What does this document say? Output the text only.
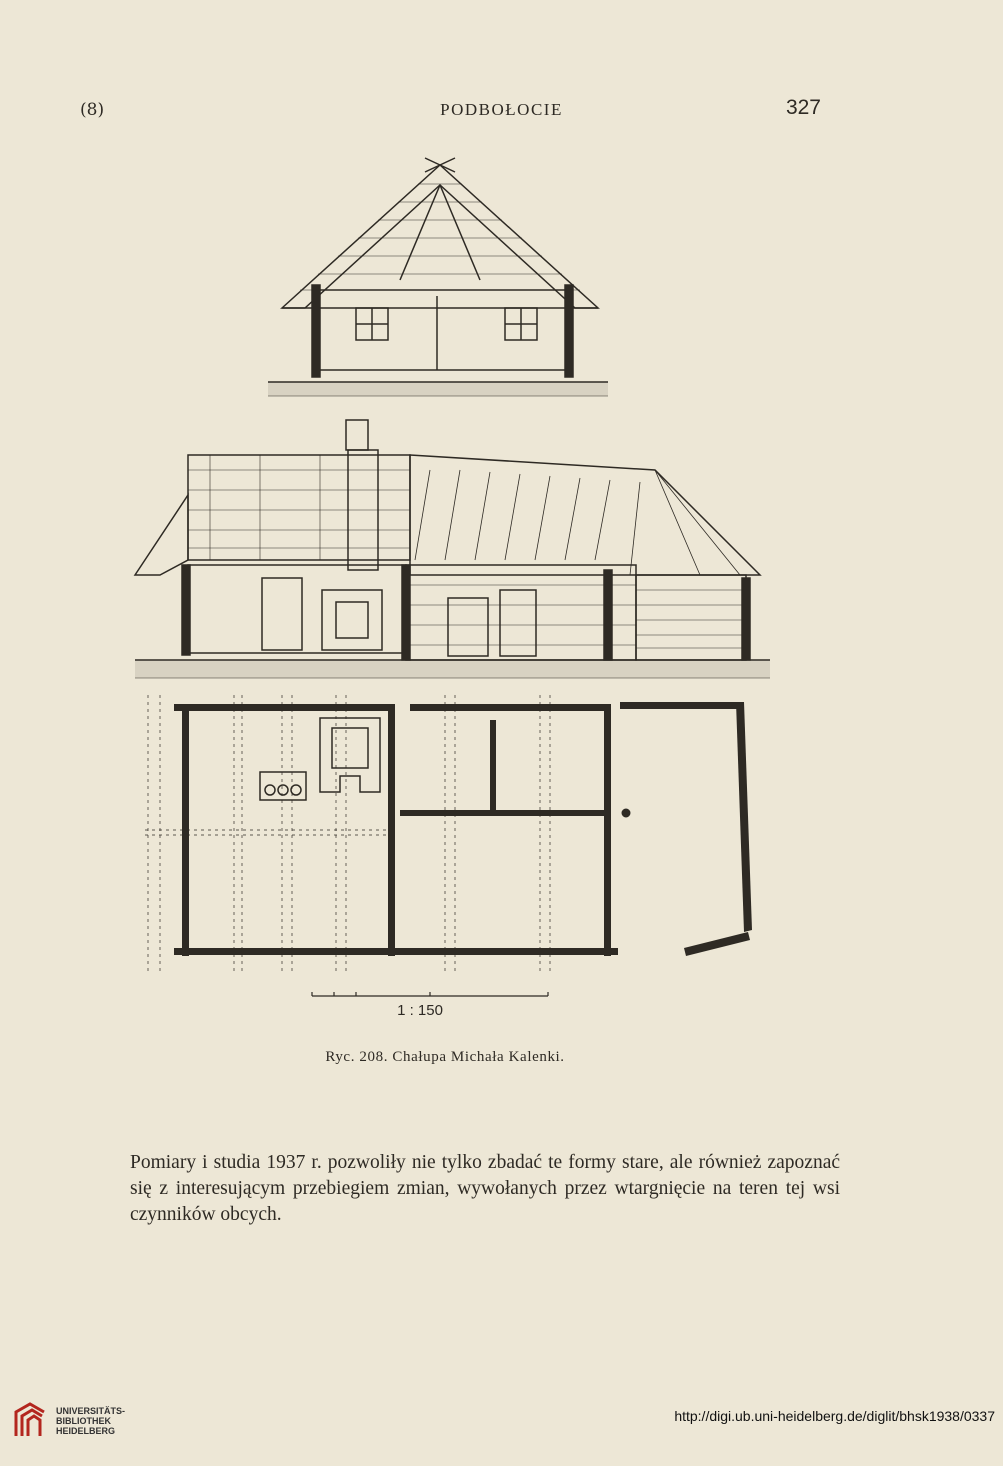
(8)	PODBOŁOCIE	327
1 : 150
Ryc. 208. Chałupa Michała Kalenki.

Pomiary i studia 1937 r. pozwoliły nie tylko zbadać te formy stare, ale również zapoznać się z interesującym przebiegiem zmian, wywołanych przez wtargnięcie na teren tej wsi czynników obcych.

UNIVERSITÄTS-
BIBLIOTHEK
HEIDELBERG
http://digi.ub.uni-heidelberg.de/diglit/bhsk1938/0337
